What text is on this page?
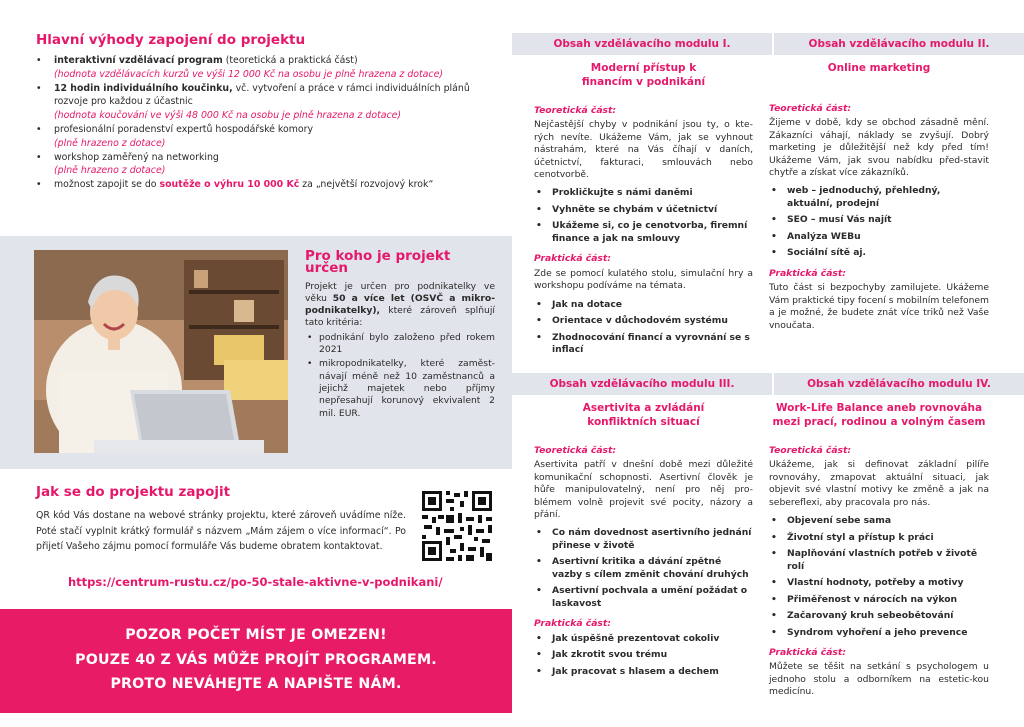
Hlavní výhody zapojení do projektu
• interaktivní vzdělávací program (teoretická a praktická část)
(hodnota vzdělávacích kurzů ve výši 12 000 Kč na osobu je plně hrazena z dotace)
• 12 hodin individuálního koučinku, vč. vytvoření a práce v rámci individuálních plánů rozvoje pro každou z účastnic
(hodnota koučování ve výši 48 000 Kč na osobu je plně hrazena z dotace)
• profesionální poradenství expertů hospodářské komory
(plně hrazeno z dotace)
• workshop zaměřený na networking
(plně hrazeno z dotace)
• možnost zapojit se do soutěže o výhru 10 000 Kč za „největší rozvojový krok“
Pro koho je projekt určen

Projekt je určen pro podnikatelky ve věku 50 a více let (OSVČ a mikro-podnikatelky), které zároveň splňují tato kritéria:

• podnikání bylo založeno před rokem 2021
• mikropodnikatelky, které zaměst-návají méně než 10 zaměstnanců a jejichž majetek nebo příjmy nepřesahují korunový ekvivalent 2 mil. EUR.
Jak se do projektu zapojit

QR kód Vás dostane na webové stránky projektu, které zároveň uvádíme níže. Poté stačí vyplnit krátký formulář s názvem „Mám zájem o více informací“. Po přijetí Vašeho zájmu pomocí formuláře Vás budeme obratem kontaktovat.

https://centrum-rustu.cz/po-50-stale-aktivne-v-podnikani/
POZOR POČET MÍST JE OMEZEN!
POUZE 40 Z VÁS MŮŽE PROJÍT PROGRAMEM.
PROTO NEVÁHEJTE A NAPIŠTE NÁM.
Obsah vzdělávacího modulu I.	Obsah vzdělávacího modulu II.
Obsah vzdělávacího modulu III.	Obsah vzdělávacího modulu IV.
Moderní přístup k financím v podnikání
Teoretická část:

Nejčastější chyby v podnikání jsou ty, o kte-rých nevíte. Ukážeme Vám, jak se vyhnout nástrahám, které na Vás číhají v daních, účetnictví, fakturaci, smlouvách nebo cenotvorbě.

• Prokličkujte s námi daněmi
• Vyhněte se chybám v účetnictví
• Ukážeme si, co je cenotvorba, firemní finance a jak na smlouvy
Praktická část:

Zde se pomocí kulatého stolu, simulační hry a workshopu podíváme na témata.

• Jak na dotace
• Orientace v důchodovém systému
• Zhodnocování financí a vyrovnání se s inflací
Online marketing
Teoretická část:

Žijeme v době, kdy se obchod zásadně mění. Zákazníci váhají, náklady se zvyšují. Dobrý marketing je důležitější než kdy před tím! Ukážeme Vám, jak svou nabídku před-stavit chytře a získat více zákazníků.

• web – jednoduchý, přehledný, aktuální, prodejní
• SEO – musí Vás najít
• Analýza WEBu
• Sociální sítě aj.
Praktická část:

Tuto část si bezpochyby zamilujete. Ukážeme Vám praktické tipy focení s mobilním telefonem a je možné, že budete znát více triků než Vaše vnoučata.

Asertivita a zvládání konfliktních situací
Teoretická část:

Asertivita patří v dnešní době mezi důležité komunikační schopnosti. Asertivní člověk je hůře manipulovatelný, není pro něj pro-blémem volně projevit své pocity, názory a přání.

• Co nám dovednost asertivního jednání přinese v životě
• Asertivní kritika a dávání zpětné vazby s cílem změnit chování druhých
• Asertivní pochvala a umění požádat o laskavost
Praktická část:
• Jak úspěšně prezentovat cokoliv
• Jak zkrotit svou trému
• Jak pracovat s hlasem a dechem
Work-Life Balance aneb rovnováha mezi prací, rodinou a volným časem
Teoretická část:

Ukážeme, jak si definovat základní pilíře rovnováhy, zmapovat aktuální situaci, jak objevit své vlastní motivy ke změně a jak na sebereflexi, aby pracovala pro nás.

• Objevení sebe sama
• Životní styl a přístup k práci
• Naplňování vlastních potřeb v životě rolí
• Vlastní hodnoty, potřeby a motivy
• Přiměřenost v nárocích na výkon
• Začarovaný kruh sebeobětování
• Syndrom vyhoření a jeho prevence
Praktická část:

Můžete se těšit na setkání s psychologem u jednoho stolu a odborníkem na estetic-kou medicínu.
